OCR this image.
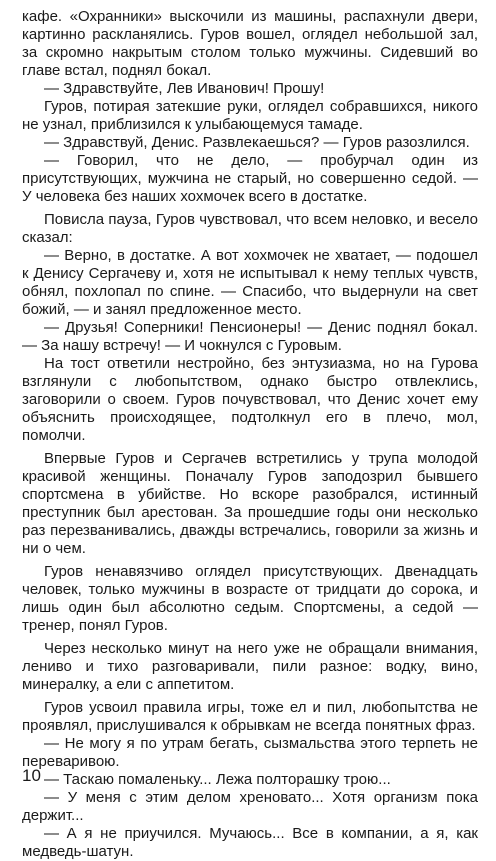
кафе. «Охранники» выскочили из машины, распахнули двери, картинно раскланялись. Гуров вошел, оглядел небольшой зал, за скромно накрытым столом только мужчины. Сидевший во главе встал, поднял бокал.

— Здравствуйте, Лев Иванович! Прошу!

Гуров, потирая затекшие руки, оглядел собравшихся, никого не узнал, приблизился к улыбающемуся тамаде.

— Здравствуй, Денис. Развлекаешься? — Гуров разозлился.

— Говорил, что не дело, — пробурчал один из присутствующих, мужчина не старый, но совершенно седой. — У человека без наших хохмочек всего в достатке.

Повисла пауза, Гуров чувствовал, что всем неловко, и весело сказал:

— Верно, в достатке. А вот хохмочек не хватает, — подошел к Денису Сергачеву и, хотя не испытывал к нему теплых чувств, обнял, похлопал по спине. — Спасибо, что выдернули на свет божий, — и занял предложенное место.

— Друзья! Соперники! Пенсионеры! — Денис поднял бокал. — За нашу встречу! — И чокнулся с Гуровым.

На тост ответили нестройно, без энтузиазма, но на Гурова взглянули с любопытством, однако быстро отвлеклись, заговорили о своем. Гуров почувствовал, что Денис хочет ему объяснить происходящее, подтолкнул его в плечо, мол, помолчи.

Впервые Гуров и Сергачев встретились у трупа молодой красивой женщины. Поначалу Гуров заподозрил бывшего спортсмена в убийстве. Но вскоре разобрался, истинный преступник был арестован. За прошедшие годы они несколько раз перезванивались, дважды встречались, говорили за жизнь и ни о чем.

Гуров ненавязчиво оглядел присутствующих. Двенадцать человек, только мужчины в возрасте от тридцати до сорока, и лишь один был абсолютно седым. Спортсмены, а седой — тренер, понял Гуров.

Через несколько минут на него уже не обращали внимания, лениво и тихо разговаривали, пили разное: водку, вино, минералку, а ели с аппетитом.

Гуров усвоил правила игры, тоже ел и пил, любопытства не проявлял, прислушивался к обрывкам не всегда понятных фраз.

— Не могу я по утрам бегать, сызмальства этого терпеть не переваривою.

— Таскаю помаленьку... Лежа полторашку трою...

— У меня с этим делом хреновато... Хотя организм пока держит...

— А я не приучился. Мучаюсь... Все в компании, а я, как медведь-шатун.

10
